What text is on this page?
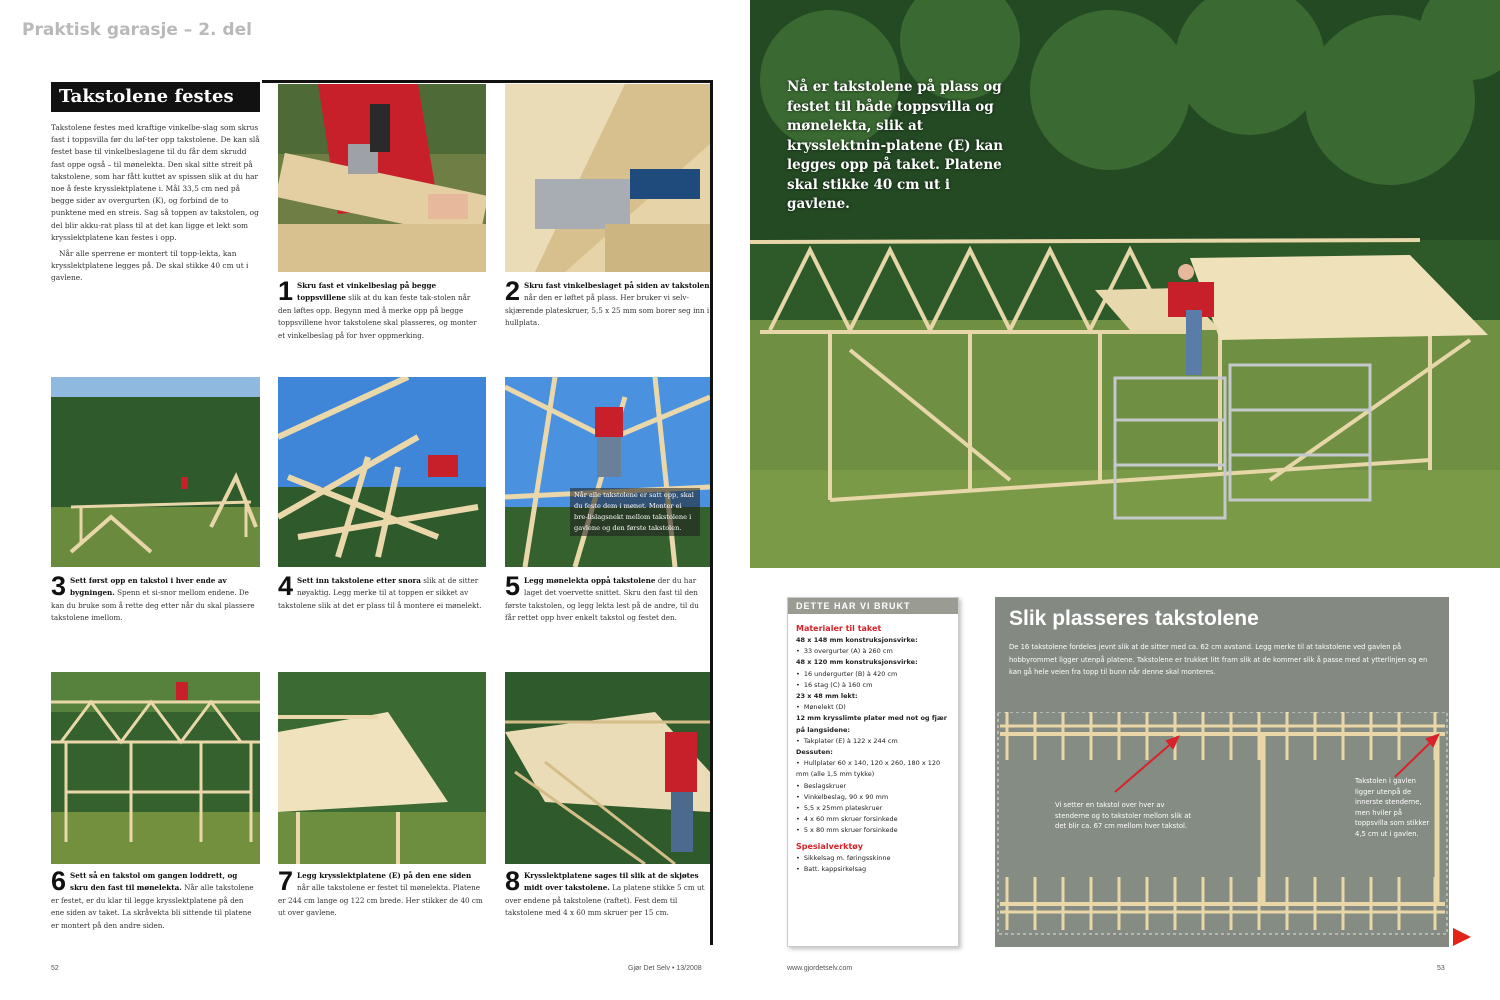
Praktisk garasje – 2. del
Takstolene festes

Takstolene festes med kraftige vinkelbe-slag som skrus fast i toppsvilla før du løf-ter opp takstolene. De kan slå festet base til vinkelbeslagene til du får dem skrudd fast oppe også – til mønelekta. Den skal sitte streit på takstolene, som har fått kuttet av spissen slik at du har noe å feste krysslektplatene i. Mål 33,5 cm ned på begge sider av overgurten (K), og forbind de to punktene med en streis. Sag så toppen av takstolen, og del blir akku-rat plass til at det kan ligge et lekt som krysslektplatene kan festes i opp.

Når alle sperrene er montert til topp-lekta, kan krysslektplatene legges på. De skal stikke 40 cm ut i gavlene.

Når alle takstolene er satt opp, skal du feste dem i mønet. Monter ei bre-lislagsnekt mellom takstolene i gavlene og den første takstolen.
3 Sett først opp en takstol i hver ende av bygningen. Spenn et si-snor mellom endene. De kan du bruke som å rette deg etter når du skal plassere takstolene imellom.
1 Skru fast et vinkelbeslag på begge toppsvillene slik at du kan feste tak-stolen når den løftes opp. Begynn med å merke opp på begge toppsvillene hvor takstolene skal plasseres, og monter et vinkelbeslag på for hver oppmerking.
2 Skru fast vinkelbeslaget på siden av takstolen når den er løftet på plass. Her bruker vi selv-skjærende plateskruer, 5,5 x 25 mm som borer seg inn i hullplata.
4 Sett inn takstolene etter snora slik at de sitter nøyaktig. Legg merke til at toppen er sikket av takstolene slik at det er plass til å montere ei mønelekt.
5 Legg mønelekta oppå takstolene der du har laget det voervette snittet. Skru den fast til den første takstolen, og legg lekta lest på de andre, til du får rettet opp hver enkelt takstol og festet den.
6 Sett så en takstol om gangen loddrett, og skru den fast til mønelekta. Når alle takstolene er festet, er du klar til legge krysslektplatene på den ene siden av taket. La skråvekta bli sittende til platene er montert på den andre siden.
7 Legg krysslektplatene (E) på den ene siden når alle takstolene er festet til mønelekta. Platene er 244 cm lange og 122 cm brede. Her stikker de 40 cm ut over gavlene.
8 Krysslektplatene sages til slik at de skjøtes midt over takstolene. La platene stikke 5 cm ut over endene på takstolene (raftet). Fest dem til takstolene med 4 x 60 mm skruer per 15 cm.
52	Gjør Det Selv • 13/2008
Nå er takstolene på plass og festet til både toppsvilla og mønelekta, slik at krysslektnin-platene (E) kan legges opp på taket. Platene skal stikke 40 cm ut i gavlene.
DETTE HAR VI BRUKT
Materialer til taket
48 x 148 mm konstruksjonsvirke:
• 33 overgurter (A) à 260 cm
48 x 120 mm konstruksjonsvirke:
• 16 undergurter (B) à 420 cm
• 16 stag (C) à 160 cm
23 x 48 mm lekt:
• Mønelekt (D)
12 mm krysslimte plater med not og fjær på langsidene:
• Takplater (E) à 122 x 244 cm
Dessuten:
• Hullplater 60 x 140, 120 x 260, 180 x 120 mm (alle 1,5 mm tykke)
• Beslagskruer
• Vinkelbeslag, 90 x 90 mm
• 5,5 x 25mm plateskruer
• 4 x 60 mm skruer forsinkede
• 5 x 80 mm skruer forsinkede
Spesialverktøy
• Sikkelsag m. føringsskinne
• Batt. kappsirkelsag
Slik plasseres takstolene
De 16 takstolene fordeles jevnt slik at de sitter med ca. 62 cm avstand. Legg merke til at takstolene ved gavlen på hobbyrommet ligger utenpå platene. Takstolene er trukket litt fram slik at de kommer slik å passe med at ytterlinjen og en kan gå hele veien fra topp til bunn når denne skal monteres.
Vi setter en takstol over hver av stenderne og to takstoler mellom slik at det blir ca. 67 cm mellom hver takstol.
Takstolen i gavlen ligger utenpå de innerste stenderne, men hviler på toppsvilla som stikker 4,5 cm ut i gavlen.
www.gjordetselv.com	53
